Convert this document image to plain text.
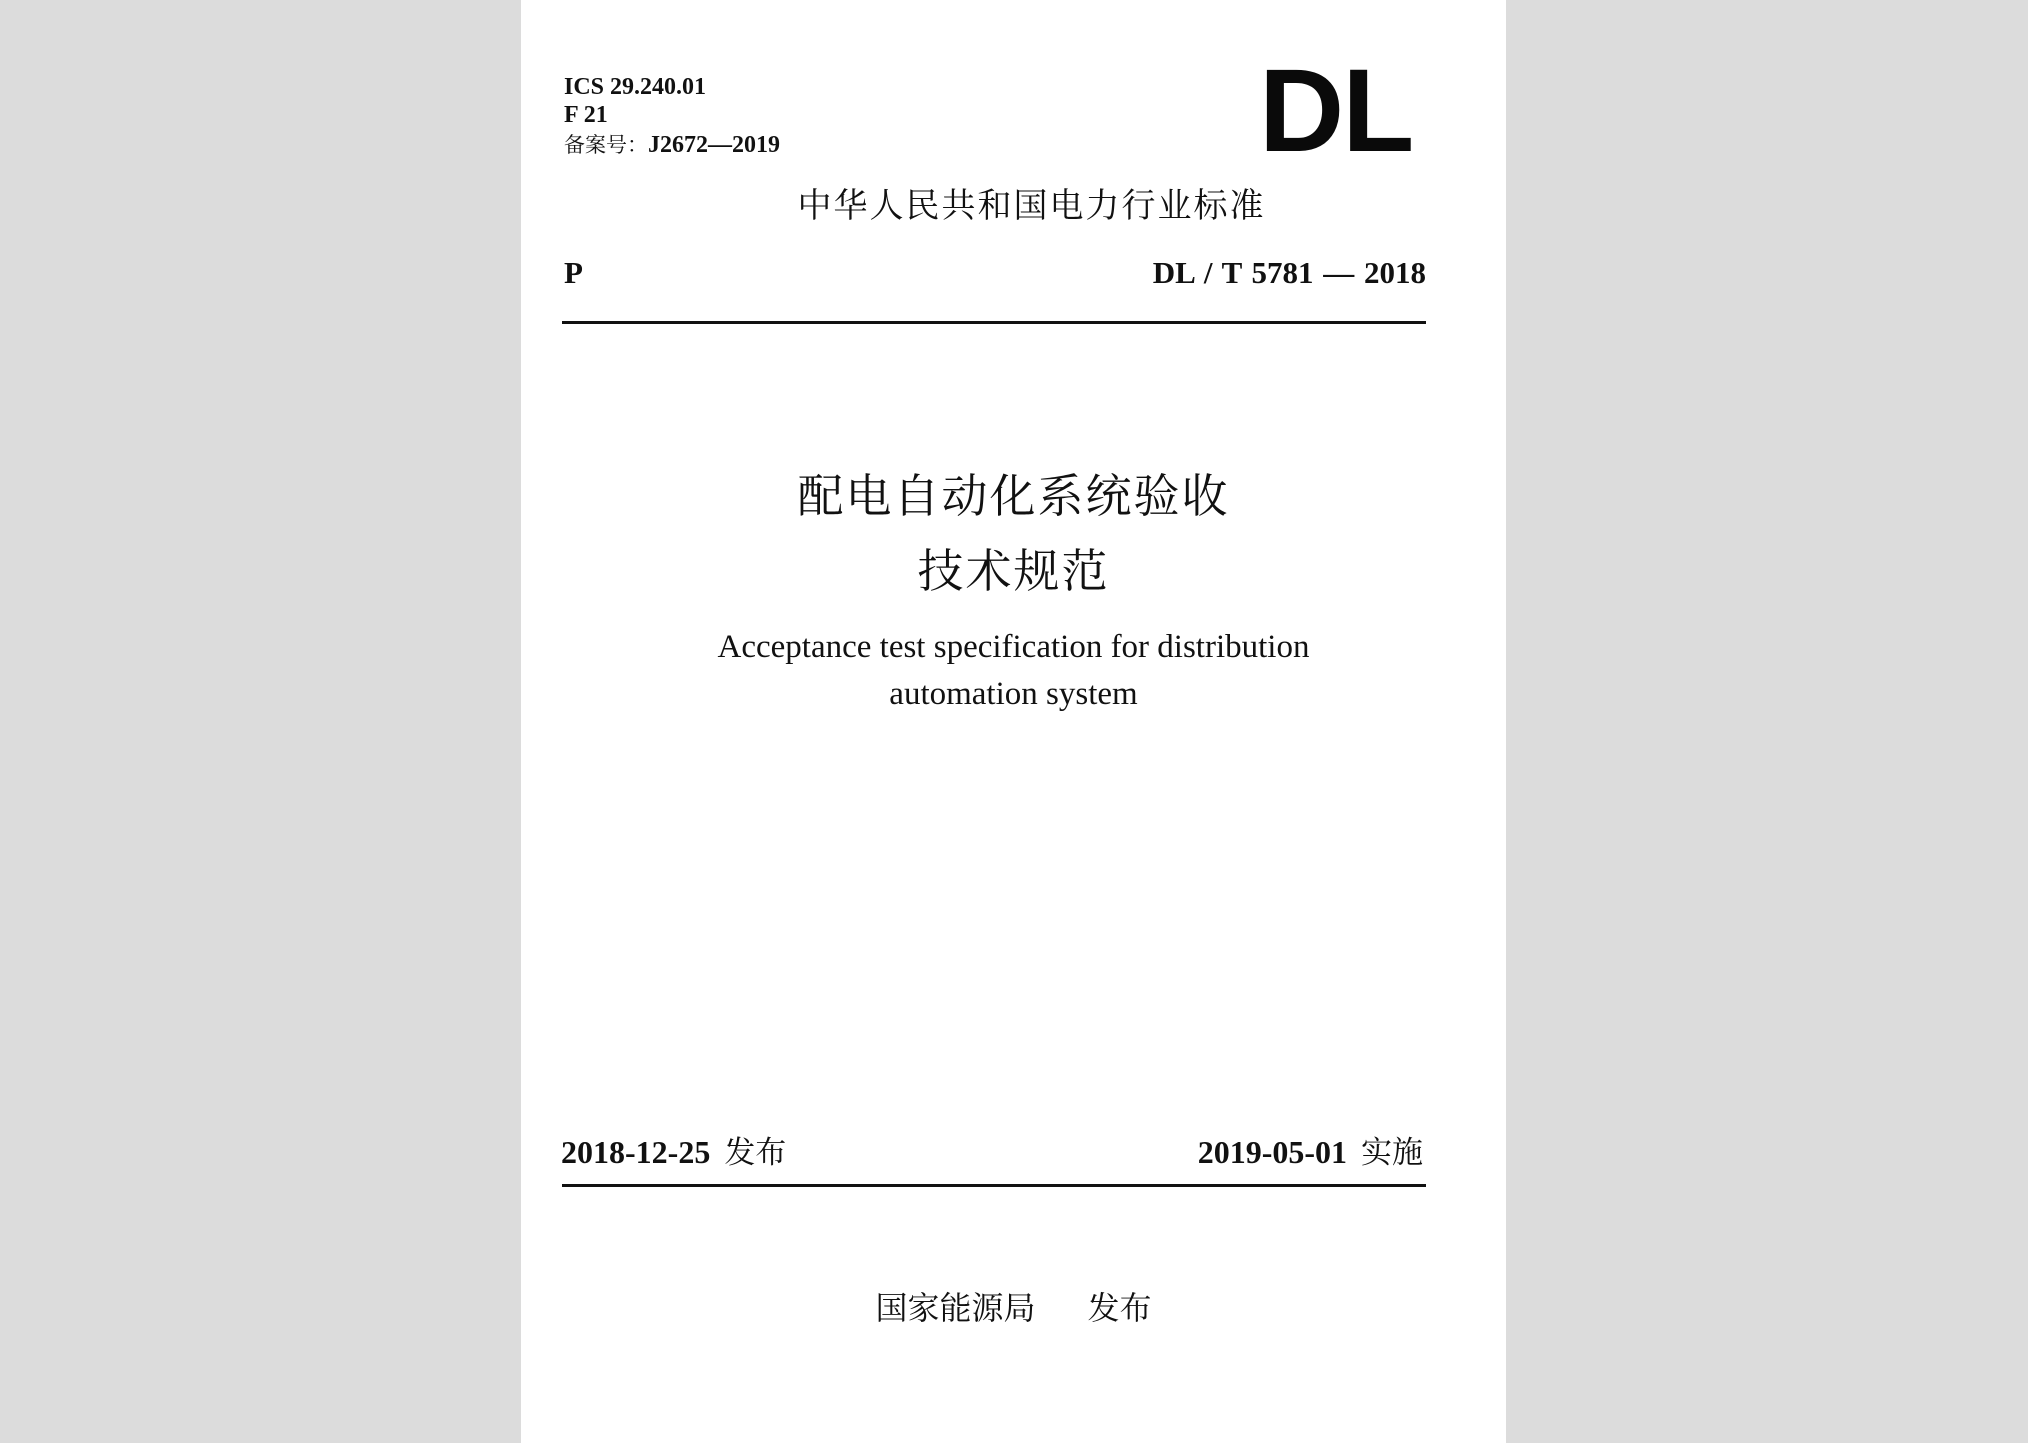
ICS 29.240.01

F 21

备案号：J2672—2019	DL

中华人民共和国电力行业标准

P	DL / T 5781 — 2018

配电自动化系统验收

技术规范

Acceptance test specification for distribution

automation system

2018-12-25 发布	2019-05-01 实施

国家能源局 发布
